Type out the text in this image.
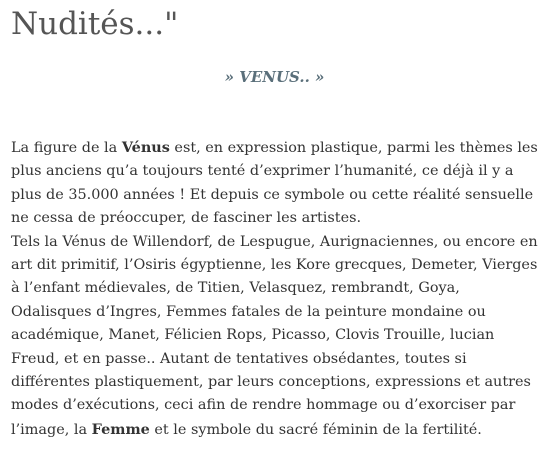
Nudités..."
» VENUS.. »

La figure de la Vénus est, en expression plastique, parmi les thèmes les plus anciens qu’a toujours tenté d’exprimer l’humanité, ce déjà il y a plus de 35.000 années ! Et depuis ce symbole ou cette réalité sensuelle ne cessa de préoccuper, de fasciner les artistes.

Tels la Vénus de Willendorf, de Lespugue, Aurignaciennes, ou encore en art dit primitif, l’Osiris égyptienne, les Kore grecques, Demeter, Vierges à l’enfant médievales, de Titien, Velasquez, rembrandt, Goya, Odalisques d’Ingres, Femmes fatales de la peinture mondaine ou académique, Manet, Félicien Rops, Picasso, Clovis Trouille, lucian Freud, et en passe.. Autant de tentatives obsédantes, toutes si différentes plastiquement, par leurs conceptions, expressions et autres modes d’exécutions, ceci afin de rendre hommage ou d’exorciser par l’image, la Femme et le symbole du sacré féminin de la fertilité.
